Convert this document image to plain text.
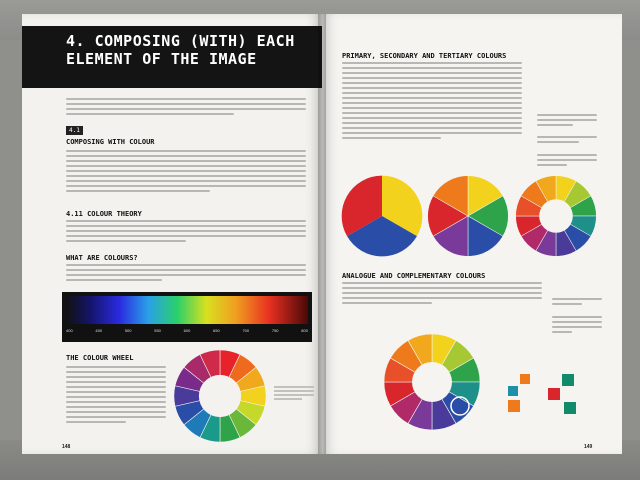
4. COMPOSING (WITH) EACH ELEMENT OF THE IMAGE
4.1
COMPOSING WITH COLOUR
4.11 COLOUR THEORY
WHAT ARE COLOURS?
400	450	500	550	600	650	700	750	800
THE COLOUR WHEEL
148
PRIMARY, SECONDARY AND TERTIARY COLOURS
ANALOGUE AND COMPLEMENTARY COLOURS
149
